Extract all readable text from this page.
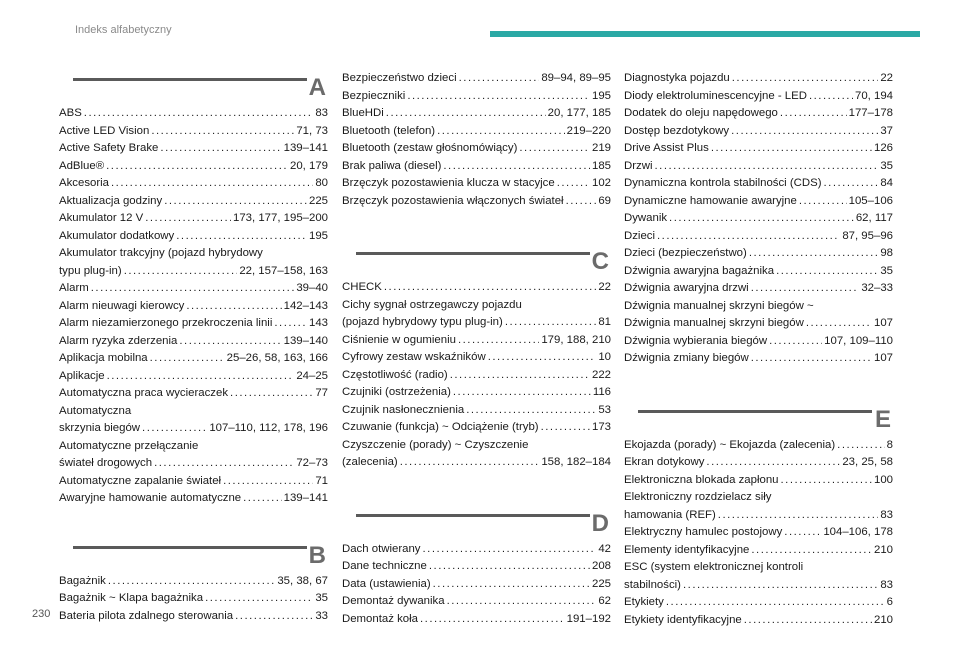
Indeks alfabetyczny
A
ABS .....	83
Active LED Vision .....	71, 73
Active Safety Brake .....	139–141
AdBlue® .....	20, 179
Akcesoria .....	80
Aktualizacja godziny .....	225
Akumulator 12 V .....	173, 177, 195–200
Akumulator dodatkowy .....	195
Akumulator trakcyjny (pojazd hybrydowy
typu plug-in) .....	22, 157–158, 163
Alarm .....	39–40
Alarm nieuwagi kierowcy .....	142–143
Alarm niezamierzonego przekroczenia linii .....	143
Alarm ryzyka zderzenia .....	139–140
Aplikacja mobilna .....	25–26, 58, 163, 166
Aplikacje .....	24–25
Automatyczna praca wycieraczek .....	77
Automatyczna
skrzynia biegów .....	107–110, 112, 178, 196
Automatyczne przełączanie
świateł drogowych .....	72–73
Automatyczne zapalanie świateł .....	71
Awaryjne hamowanie automatyczne .....	139–141
B
Bagażnik .....	35, 38, 67
Bagażnik ~ Klapa bagażnika .....	35
Bateria pilota zdalnego sterowania .....	33
Bezpieczeństwo dzieci .....	89–94, 89–95
Bezpieczniki .....	195
BlueHDi .....	20, 177, 185
Bluetooth (telefon) .....	219–220
Bluetooth (zestaw głośnomówiący) .....	219
Brak paliwa (diesel) .....	185
Brzęczyk pozostawienia klucza w stacyjce .....	102
Brzęczyk pozostawienia włączonych świateł .....	69
C
CHECK .....	22
Cichy sygnał ostrzegawczy pojazdu
(pojazd hybrydowy typu plug-in) .....	81
Ciśnienie w ogumieniu .....	179, 188, 210
Cyfrowy zestaw wskaźników .....	10
Częstotliwość (radio) .....	222
Czujniki (ostrzeżenia) .....	116
Czujnik nasłonecznienia .....	53
Czuwanie (funkcja) ~ Odciążenie (tryb) .....	173
Czyszczenie (porady) ~ Czyszczenie
(zalecenia) .....	158, 182–184
D
Dach otwierany .....	42
Dane techniczne .....	208
Data (ustawienia) .....	225
Demontaż dywanika .....	62
Demontaż koła .....	191–192
Diagnostyka pojazdu .....	22
Diody elektroluminescencyjne - LED .....	70, 194
Dodatek do oleju napędowego .....	177–178
Dostęp bezdotykowy .....	37
Drive Assist Plus .....	126
Drzwi .....	35
Dynamiczna kontrola stabilności (CDS) .....	84
Dynamiczne hamowanie awaryjne .....	105–106
Dywanik .....	62, 117
Dzieci .....	87, 95–96
Dzieci (bezpieczeństwo) .....	98
Dźwignia awaryjna bagażnika .....	35
Dźwignia awaryjna drzwi .....	32–33
Dźwignia manualnej skrzyni biegów ~
Dźwignia manualnej skrzyni biegów .....	107
Dźwignia wybierania biegów .....	107, 109–110
Dźwignia zmiany biegów .....	107
E
Ekojazda (porady) ~ Ekojazda (zalecenia) .....	8
Ekran dotykowy .....	23, 25, 58
Elektroniczna blokada zapłonu .....	100
Elektroniczny rozdzielacz siły
hamowania (REF) .....	83
Elektryczny hamulec postojowy .....	104–106, 178
Elementy identyfikacyjne .....	210
ESC (system elektronicznej kontroli
stabilności) .....	83
Etykiety .....	6
Etykiety identyfikacyjne .....	210
230
